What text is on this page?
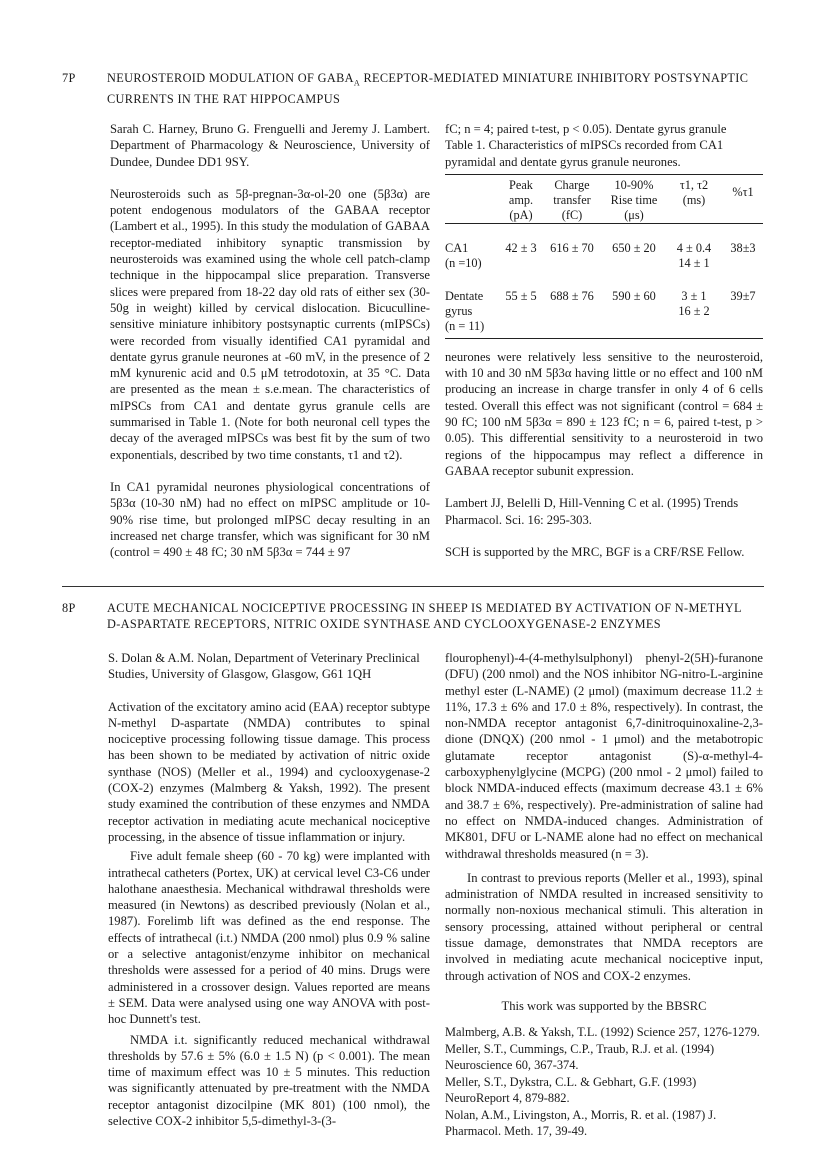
7P	NEUROSTEROID MODULATION OF $GABA_A$ RECEPTOR-MEDIATED MINIATURE INHIBITORY POSTSYNAPTIC
CURRENTS IN THE RAT HIPPOCAMPUS

Sarah C. Harney, Bruno G. Frenguelli and Jeremy J. Lambert. Department of Pharmacology & Neuroscience, University of Dundee, Dundee DD1 9SY.

Neurosteroids such as 5β-pregnan-3α-ol-20 one (5β3α) are potent endogenous modulators of the GABAA receptor (Lambert et al., 1995). In this study the modulation of GABAA receptor-mediated inhibitory synaptic transmission by neurosteroids was examined using the whole cell patch-clamp technique in the hippocampal slice preparation. Transverse slices were prepared from 18-22 day old rats of either sex (30-50g in weight) killed by cervical dislocation. Bicuculline-sensitive miniature inhibitory postsynaptic currents (mIPSCs) were recorded from visually identified CA1 pyramidal and dentate gyrus granule neurones at -60 mV, in the presence of 2 mM kynurenic acid and 0.5 μM tetrodotoxin, at 35 °C. Data are presented as the mean ± s.e.mean. The characteristics of mIPSCs from CA1 and dentate gyrus granule cells are summarised in Table 1. (Note for both neuronal cell types the decay of the averaged mIPSCs was best fit by the sum of two exponentials, described by two time constants, τ1 and τ2).

In CA1 pyramidal neurones physiological concentrations of 5β3α (10-30 nM) had no effect on mIPSC amplitude or 10-90% rise time, but prolonged mIPSC decay resulting in an increased net charge transfer, which was significant for 30 nM (control = 490 ± 48 fC; 30 nM 5β3α = 744 ± 97

fC; n = 4; paired t-test, p < 0.05). Dentate gyrus granule

Table 1. Characteristics of mIPSCs recorded from CA1 pyramidal and dentate gyrus granule neurones.

	Peak
amp.
(pA)	Charge
transfer
(fC)	10-90%
Rise time
(μs)	τ1, τ2
(ms)	%τ1
CA1
(n =10)	42 ± 3	616 ± 70	650 ± 20	4 ± 0.4
14 ± 1	38±3
Dentate
gyrus
(n = 11)	55 ± 5	688 ± 76	590 ± 60	3 ± 1
16 ± 2	39±7

neurones were relatively less sensitive to the neurosteroid, with 10 and 30 nM 5β3α having little or no effect and 100 nM producing an increase in charge transfer in only 4 of 6 cells tested. Overall this effect was not significant (control = 684 ± 90 fC; 100 nM 5β3α = 890 ± 123 fC; n = 6, paired t-test, p > 0.05). This differential sensitivity to a neurosteroid in two regions of the hippocampus may reflect a difference in GABAA receptor subunit expression.

Lambert JJ, Belelli D, Hill-Venning C et al. (1995) Trends Pharmacol. Sci. 16: 295-303.

SCH is supported by the MRC, BGF is a CRF/RSE Fellow.

8P	ACUTE MECHANICAL NOCICEPTIVE PROCESSING IN SHEEP IS MEDIATED BY ACTIVATION OF N-METHYL
D-ASPARTATE RECEPTORS, NITRIC OXIDE SYNTHASE AND CYCLOOXYGENASE-2 ENZYMES

S. Dolan & A.M. Nolan, Department of Veterinary Preclinical Studies, University of Glasgow, Glasgow, G61 1QH

Activation of the excitatory amino acid (EAA) receptor subtype N-methyl D-aspartate (NMDA) contributes to spinal nociceptive processing following tissue damage. This process has been shown to be mediated by activation of nitric oxide synthase (NOS) (Meller et al., 1994) and cyclooxygenase-2 (COX-2) enzymes (Malmberg & Yaksh, 1992). The present study examined the contribution of these enzymes and NMDA receptor activation in mediating acute mechanical nociceptive processing, in the absence of tissue inflammation or injury.

Five adult female sheep (60 - 70 kg) were implanted with intrathecal catheters (Portex, UK) at cervical level C3-C6 under halothane anaesthesia. Mechanical withdrawal thresholds were measured (in Newtons) as described previously (Nolan et al., 1987). Forelimb lift was defined as the end response. The effects of intrathecal (i.t.) NMDA (200 nmol) plus 0.9 % saline or a selective antagonist/enzyme inhibitor on mechanical thresholds were assessed for a period of 40 mins. Drugs were administered in a crossover design. Values reported are means ± SEM. Data were analysed using one way ANOVA with post-hoc Dunnett's test.

NMDA i.t. significantly reduced mechanical withdrawal thresholds by 57.6 ± 5% (6.0 ± 1.5 N) (p < 0.001). The mean time of maximum effect was 10 ± 5 minutes. This reduction was significantly attenuated by pre-treatment with the NMDA receptor antagonist dizocilpine (MK 801) (100 nmol), the selective COX-2 inhibitor 5,5-dimethyl-3-(3-

flourophenyl)-4-(4-methylsulphonyl) phenyl-2(5H)-furanone (DFU) (200 nmol) and the NOS inhibitor NG-nitro-L-arginine methyl ester (L-NAME) (2 μmol) (maximum decrease 11.2 ± 11%, 17.3 ± 6% and 17.0 ± 8%, respectively). In contrast, the non-NMDA receptor antagonist 6,7-dinitroquinoxaline-2,3-dione (DNQX) (200 nmol - 1 μmol) and the metabotropic glutamate receptor antagonist (S)-α-methyl-4-carboxyphenylglycine (MCPG) (200 nmol - 2 μmol) failed to block NMDA-induced effects (maximum decrease 43.1 ± 6% and 38.7 ± 6%, respectively). Pre-administration of saline had no effect on NMDA-induced changes. Administration of MK801, DFU or L-NAME alone had no effect on mechanical withdrawal thresholds measured (n = 3).

In contrast to previous reports (Meller et al., 1993), spinal administration of NMDA resulted in increased sensitivity to normally non-noxious mechanical stimuli. This alteration in sensory processing, attained without peripheral or central tissue damage, demonstrates that NMDA receptors are involved in mediating acute mechanical nociceptive input, through activation of NOS and COX-2 enzymes.

This work was supported by the BBSRC

Malmberg, A.B. & Yaksh, T.L. (1992) Science 257, 1276-1279.

Meller, S.T., Cummings, C.P., Traub, R.J. et al. (1994) Neuroscience 60, 367-374.

Meller, S.T., Dykstra, C.L. & Gebhart, G.F. (1993) NeuroReport 4, 879-882.

Nolan, A.M., Livingston, A., Morris, R. et al. (1987) J. Pharmacol. Meth. 17, 39-49.
